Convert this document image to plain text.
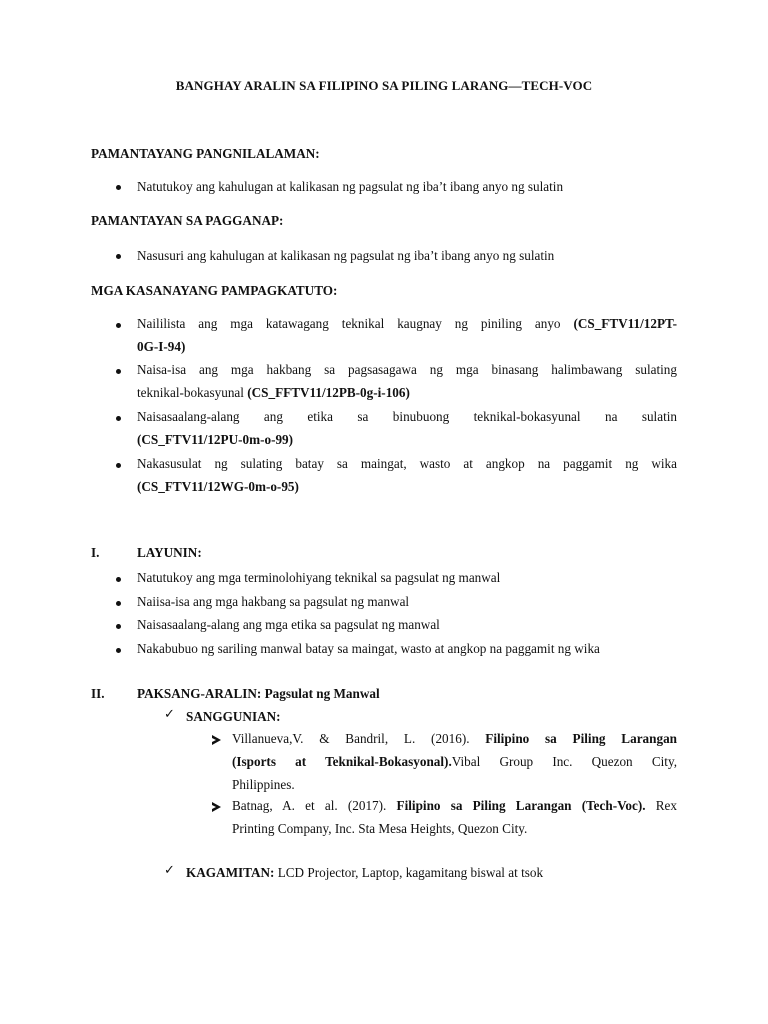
BANGHAY ARALIN SA FILIPINO SA PILING LARANG—TECH-VOC
PAMANTAYANG PANGNILALAMAN:
Natutukoy ang kahulugan at kalikasan ng pagsulat ng iba’t ibang anyo ng sulatin
PAMANTAYAN SA PAGGANAP:
Nasusuri ang kahulugan at kalikasan ng pagsulat ng iba’t ibang anyo ng sulatin
MGA KASANAYANG PAMPAGKATUTO:
Naililista ang mga katawagang teknikal kaugnay ng piniling anyo (CS_FTV11/12PT-
0G-I-94)
Naisa-isa ang mga hakbang sa pagsasagawa ng mga binasang halimbawang sulating
teknikal-bokasyunal (CS_FFTV11/12PB-0g-i-106)
Naisasaalang-alang ang etika sa binubuong teknikal-bokasyunal na sulatin
(CS_FTV11/12PU-0m-o-99)
Nakasusulat ng sulating batay sa maingat, wasto at angkop na paggamit ng wika
(CS_FTV11/12WG-0m-o-95)
I.	LAYUNIN:
Natutukoy ang mga terminolohiyang teknikal sa pagsulat ng manwal
Naiisa-isa ang mga hakbang sa pagsulat ng manwal
Naisasaalang-alang ang mga etika sa pagsulat ng manwal
Nakabubuo ng sariling manwal batay sa maingat, wasto at angkop na paggamit ng wika
II. PAKSANG-ARALIN: Pagsulat ng Manwal
✓ SANGGUNIAN:
Villanueva,V. & Bandril, L. (2016). Filipino sa Piling Larangan
(Isports at Teknikal-Bokasyonal).Vibal Group Inc. Quezon City,
Philippines.
Batnag, A. et al. (2017). Filipino sa Piling Larangan (Tech-Voc). Rex
Printing Company, Inc. Sta Mesa Heights, Quezon City.
✓ KAGAMITAN: LCD Projector, Laptop, kagamitang biswal at tsok
